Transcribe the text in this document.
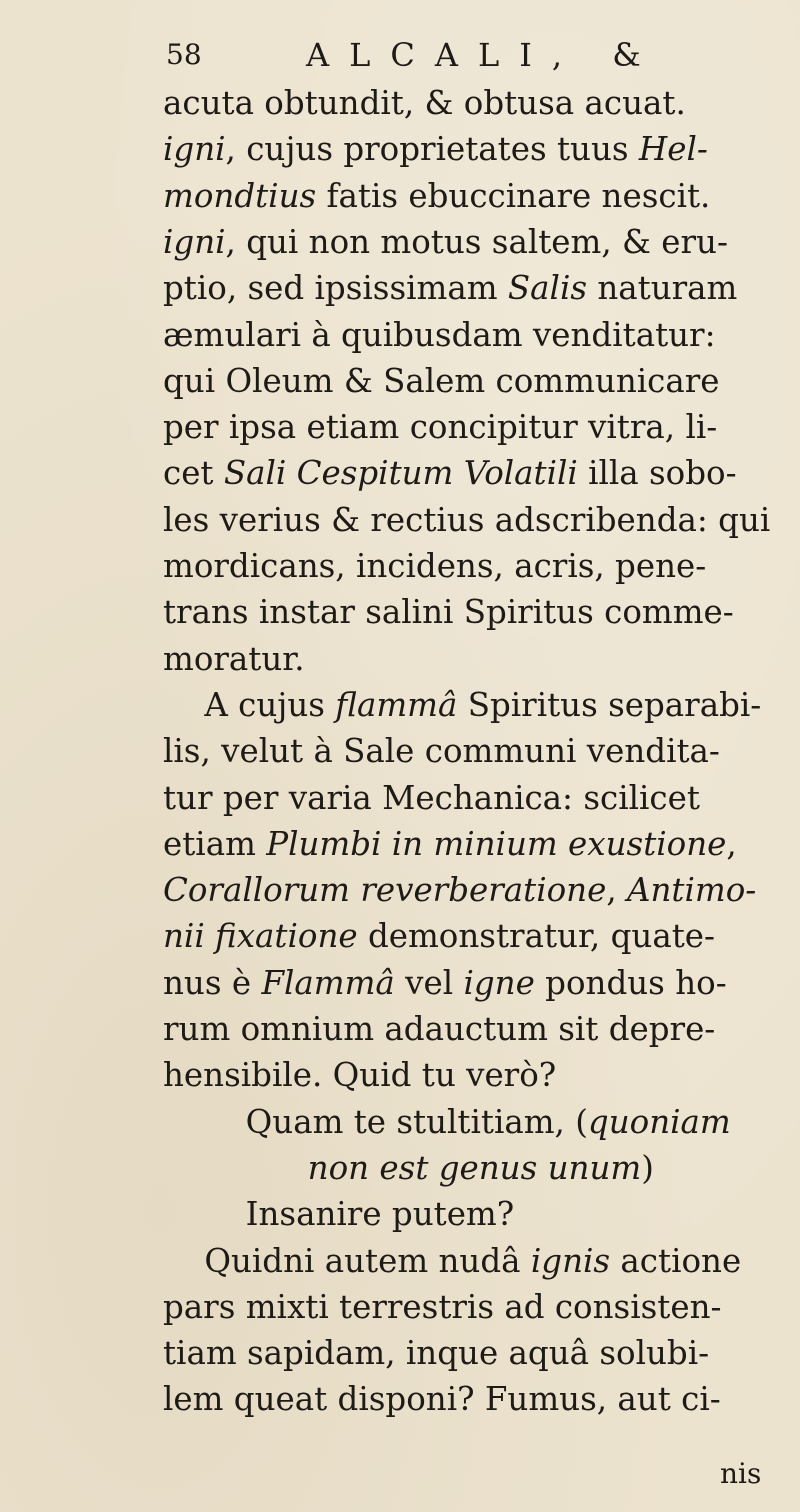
58	ALCALI, &
acuta obtundit, & obtusa acuat.
igni, cujus proprietates tuus Hel-
mondtius fatis ebuccinare nescit.
igni, qui non motus saltem, & eru-
ptio, sed ipsissimam Salis naturam
æmulari à quibusdam venditatur:
qui Oleum & Salem communicare
per ipsa etiam concipitur vitra, li-
cet Sali Cespitum Volatili illa sobo-
les verius & rectius adscribenda: qui
mordicans, incidens, acris, pene-
trans instar salini Spiritus comme-
moratur.
A cujus flammâ Spiritus separabi-
lis, velut à Sale communi vendita-
tur per varia Mechanica: scilicet
etiam Plumbi in minium exustione,
Corallorum reverberatione, Antimo-
nii fixatione demonstratur, quate-
nus è Flammâ vel igne pondus ho-
rum omnium adauctum sit depre-
hensibile. Quid tu verò?
Quam te stultitiam, (quoniam
non est genus unum)
Insanire putem?
Quidni autem nudâ ignis actione
pars mixti terrestris ad consisten-
tiam sapidam, inque aquâ solubi-
lem queat disponi? Fumus, aut ci-
nis
